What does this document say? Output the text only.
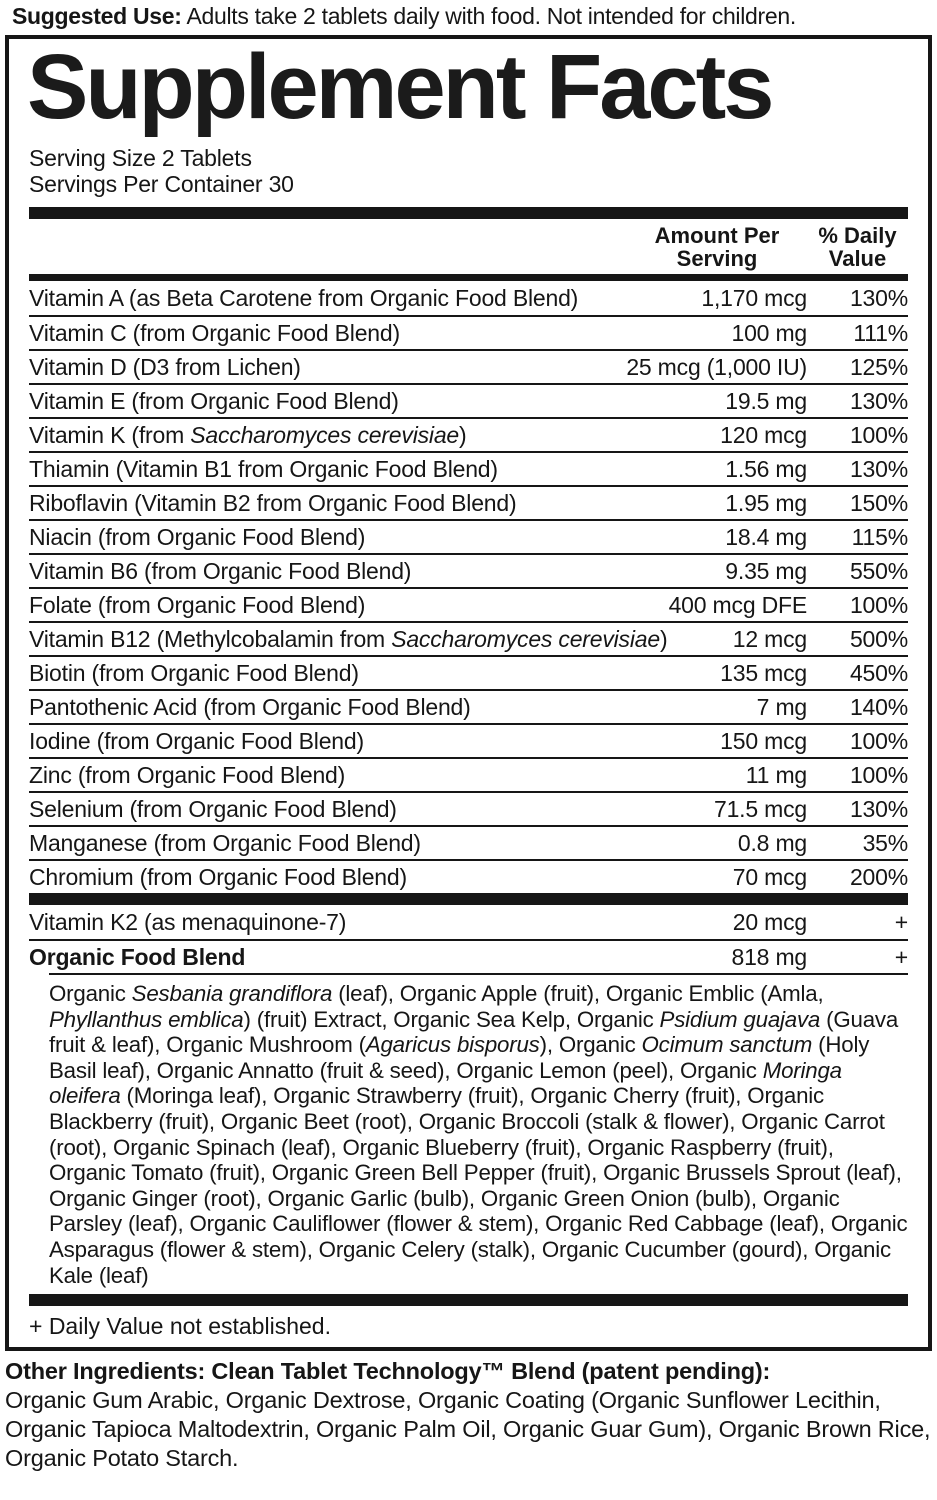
Suggested Use: Adults take 2 tablets daily with food. Not intended for children.
Supplement Facts
Serving Size 2 Tablets
Servings Per Container 30
Amount Per Serving
% Daily Value
Vitamin A (as Beta Carotene from Organic Food Blend)	1,170 mcg	130%
Vitamin C (from Organic Food Blend)	100 mg	111%
Vitamin D (D3 from Lichen)	25 mcg (1,000 IU)	125%
Vitamin E (from Organic Food Blend)	19.5 mg	130%
Vitamin K (from Saccharomyces cerevisiae)	120 mcg	100%
Thiamin (Vitamin B1 from Organic Food Blend)	1.56 mg	130%
Riboflavin (Vitamin B2 from Organic Food Blend)	1.95 mg	150%
Niacin (from Organic Food Blend)	18.4 mg	115%
Vitamin B6 (from Organic Food Blend)	9.35 mg	550%
Folate (from Organic Food Blend)	400 mcg DFE	100%
Vitamin B12 (Methylcobalamin from Saccharomyces cerevisiae)	12 mcg	500%
Biotin (from Organic Food Blend)	135 mcg	450%
Pantothenic Acid (from Organic Food Blend)	7 mg	140%
Iodine (from Organic Food Blend)	150 mcg	100%
Zinc (from Organic Food Blend)	11 mg	100%
Selenium (from Organic Food Blend)	71.5 mcg	130%
Manganese (from Organic Food Blend)	0.8 mg	35%
Chromium (from Organic Food Blend)	70 mcg	200%
Vitamin K2 (as menaquinone-7)	20 mcg	+
Organic Food Blend	818 mg	+
Organic Sesbania grandiflora (leaf), Organic Apple (fruit), Organic Emblic (Amla, Phyllanthus emblica) (fruit) Extract, Organic Sea Kelp, Organic Psidium guajava (Guava fruit & leaf), Organic Mushroom (Agaricus bisporus), Organic Ocimum sanctum (Holy Basil leaf), Organic Annatto (fruit & seed), Organic Lemon (peel), Organic Moringa oleifera (Moringa leaf), Organic Strawberry (fruit), Organic Cherry (fruit), Organic Blackberry (fruit), Organic Beet (root), Organic Broccoli (stalk & flower), Organic Carrot (root), Organic Spinach (leaf), Organic Blueberry (fruit), Organic Raspberry (fruit), Organic Tomato (fruit), Organic Green Bell Pepper (fruit), Organic Brussels Sprout (leaf), Organic Ginger (root), Organic Garlic (bulb), Organic Green Onion (bulb), Organic Parsley (leaf), Organic Cauliflower (flower & stem), Organic Red Cabbage (leaf), Organic Asparagus (flower & stem), Organic Celery (stalk), Organic Cucumber (gourd), Organic Kale (leaf)
+ Daily Value not established.
Other Ingredients: Clean Tablet Technology™ Blend (patent pending):
Organic Gum Arabic, Organic Dextrose, Organic Coating (Organic Sunflower Lecithin, Organic Tapioca Maltodextrin, Organic Palm Oil, Organic Guar Gum), Organic Brown Rice, Organic Potato Starch.
